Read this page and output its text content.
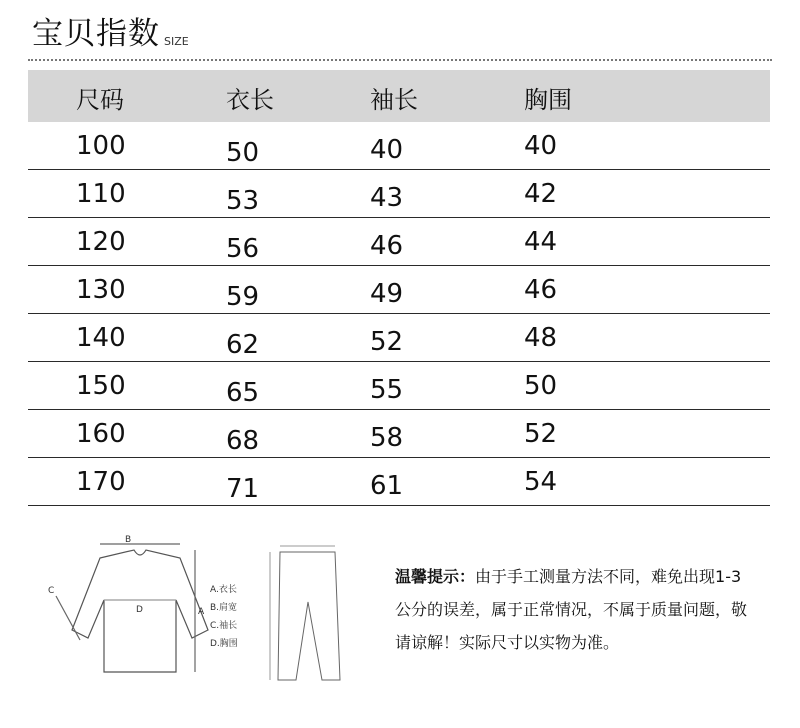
宝贝指数 SIZE
尺码	衣长	袖长	胸围
100	50	40	40
110	53	43	42
120	56	46	44
130	59	49	46
140	62	52	48
150	65	55	50
160	68	58	52
170	71	61	54
B
C
D	A
A.衣长
B.肩宽
C.袖长
D.胸围
温馨提示：由于手工测量方法不同，难免出现1-3公分的误差，属于正常情况，不属于质量问题，敬请谅解！实际尺寸以实物为准。
